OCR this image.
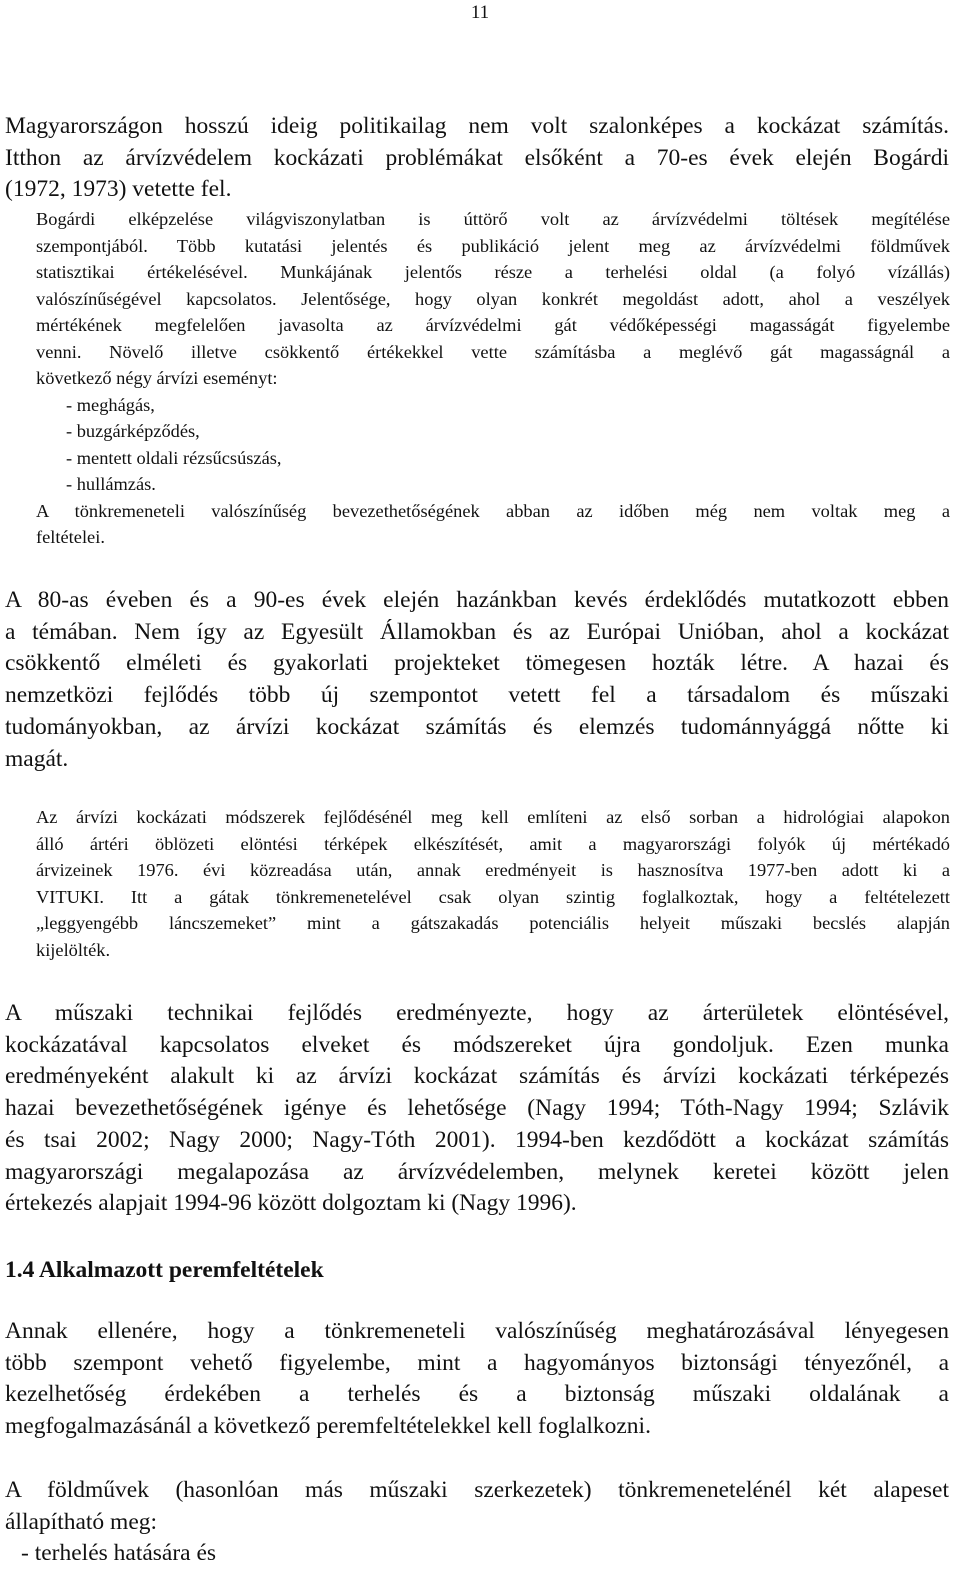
11
Magyarországon hosszú ideig politikailag nem volt szalonképes a kockázat számítás.
Itthon az árvízvédelem kockázati problémákat elsőként a 70-es évek elején Bogárdi
(1972, 1973) vetette fel.
Bogárdi elképzelése világviszonylatban is úttörő volt az árvízvédelmi töltések megítélése
szempontjából. Több kutatási jelentés és publikáció jelent meg az árvízvédelmi földművek
statisztikai értékelésével. Munkájának jelentős része a terhelési oldal (a folyó vízállás)
valószínűségével kapcsolatos. Jelentősége, hogy olyan konkrét megoldást adott, ahol a veszélyek
mértékének megfelelően javasolta az árvízvédelmi gát védőképességi magasságát figyelembe
venni. Növelő illetve csökkentő értékekkel vette számításba a meglévő gát magasságnál a
következő négy árvízi eseményt:
- meghágás,
- buzgárképződés,
- mentett oldali rézsűcsúszás,
- hullámzás.
A tönkremeneteli valószínűség bevezethetőségének abban az időben még nem voltak meg a
feltételei.
A 80-as éveben és a 90-es évek elején hazánkban kevés érdeklődés mutatkozott ebben
a témában. Nem így az Egyesült Államokban és az Európai Unióban, ahol a kockázat
csökkentő elméleti és gyakorlati projekteket tömegesen hozták létre. A hazai és
nemzetközi fejlődés több új szempontot vetett fel a társadalom és műszaki
tudományokban, az árvízi kockázat számítás és elemzés tudománnyággá nőtte ki
magát.
Az árvízi kockázati módszerek fejlődésénél meg kell említeni az első sorban a hidrológiai alapokon
álló ártéri öblözeti elöntési térképek elkészítését, amit a magyarországi folyók új mértékadó
árvizeinek 1976. évi közreadása után, annak eredményeit is hasznosítva 1977-ben adott ki a
VITUKI. Itt a gátak tönkremenetelével csak olyan szintig foglalkoztak, hogy a feltételezett
„leggyengébb láncszemeket” mint a gátszakadás potenciális helyeit műszaki becslés alapján
kijelölték.
A műszaki technikai fejlődés eredményezte, hogy az árterületek elöntésével,
kockázatával kapcsolatos elveket és módszereket újra gondoljuk. Ezen munka
eredményeként alakult ki az árvízi kockázat számítás és árvízi kockázati térképezés
hazai bevezethetőségének igénye és lehetősége (Nagy 1994; Tóth-Nagy 1994; Szlávik
és tsai 2002; Nagy 2000; Nagy-Tóth 2001). 1994-ben kezdődött a kockázat számítás
magyarországi megalapozása az árvízvédelemben, melynek keretei között jelen
értekezés alapjait 1994-96 között dolgoztam ki (Nagy 1996).
1.4 Alkalmazott peremfeltételek
Annak ellenére, hogy a tönkremeneteli valószínűség meghatározásával lényegesen
több szempont vehető figyelembe, mint a hagyományos biztonsági tényezőnél, a
kezelhetőség érdekében a terhelés és a biztonság műszaki oldalának a
megfogalmazásánál a következő peremfeltételekkel kell foglalkozni.
A földművek (hasonlóan más műszaki szerkezetek) tönkremenetelénél két alapeset
állapítható meg:
- terhelés hatására és
